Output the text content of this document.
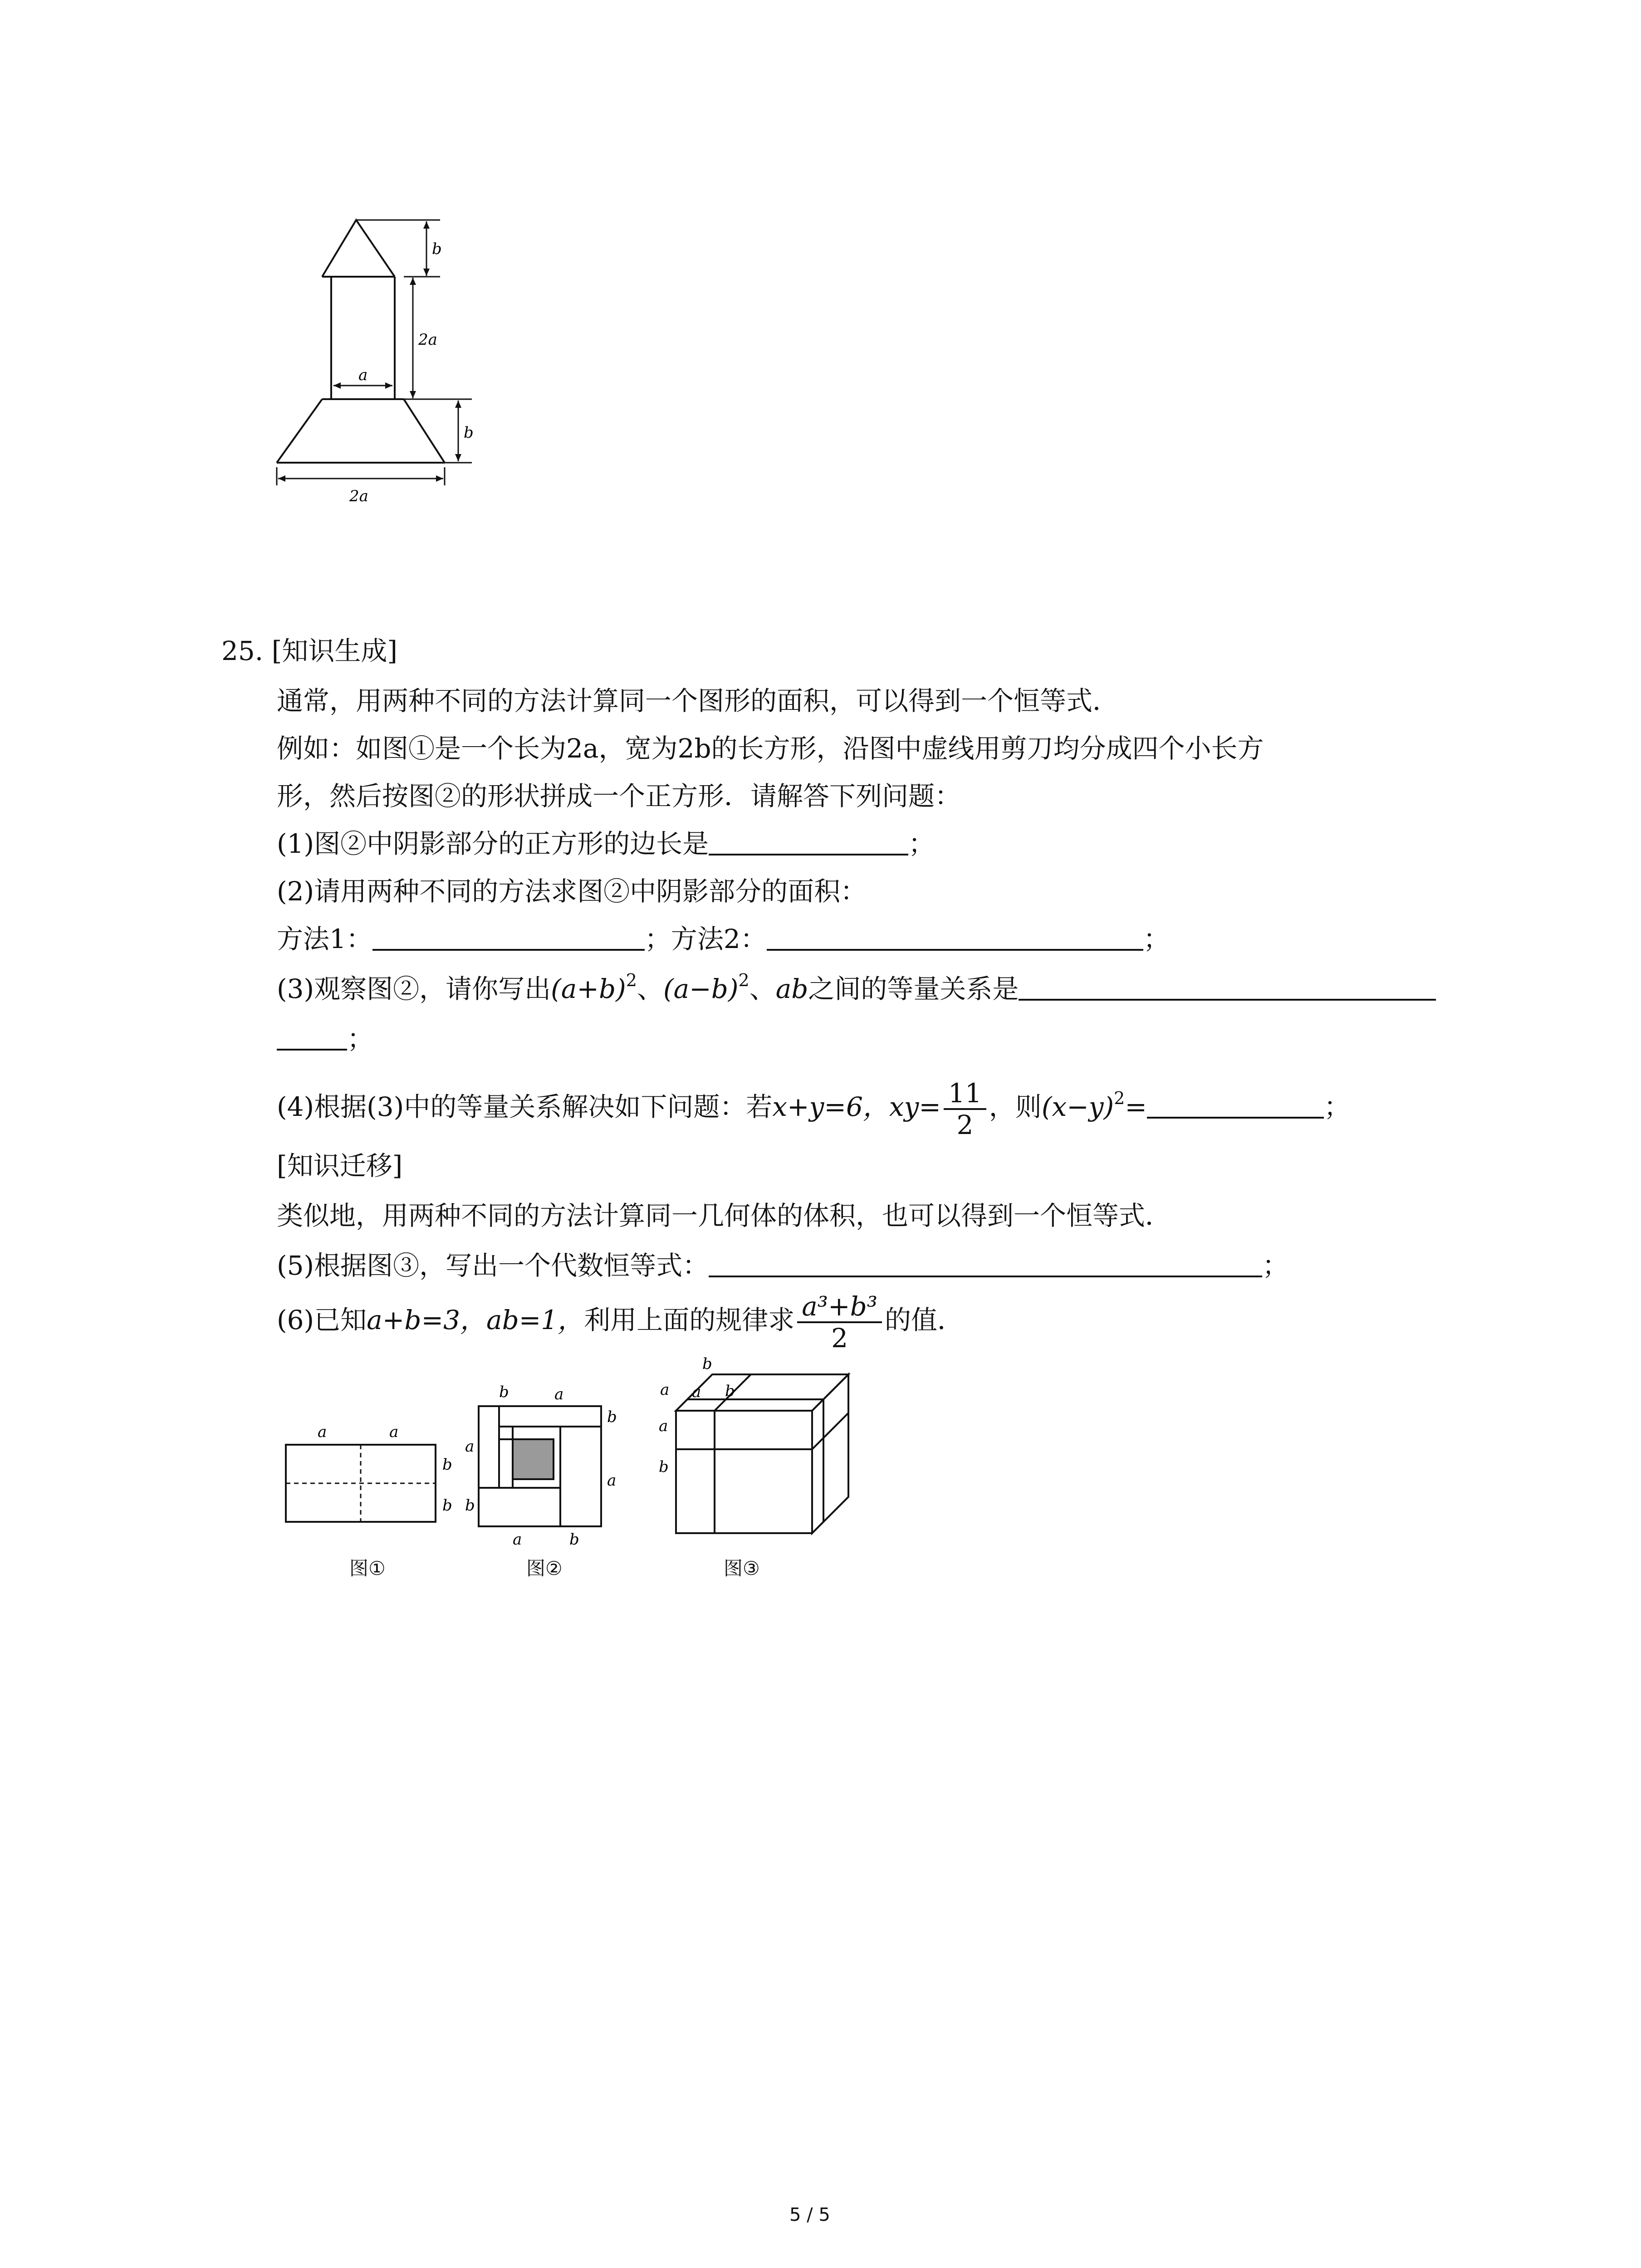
b
2a
a
b
2a
25. [知识生成]
通常，用两种不同的方法计算同一个图形的面积，可以得到一个恒等式．
例如：如图①是一个长为2a，宽为2b的长方形，沿图中虚线用剪刀均分成四个小长方
形，然后按图②的形状拼成一个正方形．请解答下列问题：
(1)图②中阴影部分的正方形的边长是	；
(2)请用两种不同的方法求图②中阴影部分的面积：
方法1：	；方法2：	；
(3)观察图②，请你写出$(a+b)^2$、$(a-b)^2$、ab之间的等量关系是
；
(4)根据(3)中的等量关系解决如下问题：若x+y=6，$xy= \frac{11}{2}$ ，则$(x-y)^2=$	；
[知识迁移]
类似地，用两种不同的方法计算同一几何体的体积，也可以得到一个恒等式．
(5)根据图③，写出一个代数恒等式：	；
(6)已知a+b=3，ab=1，利用上面的规律求 $\frac{\text{a³+b³}}{2}$ 的值．
a	a
b
b
图①
b	a
a
b
b
a
a	b
图②
b
a a b
a
b
图③
5 / 5
